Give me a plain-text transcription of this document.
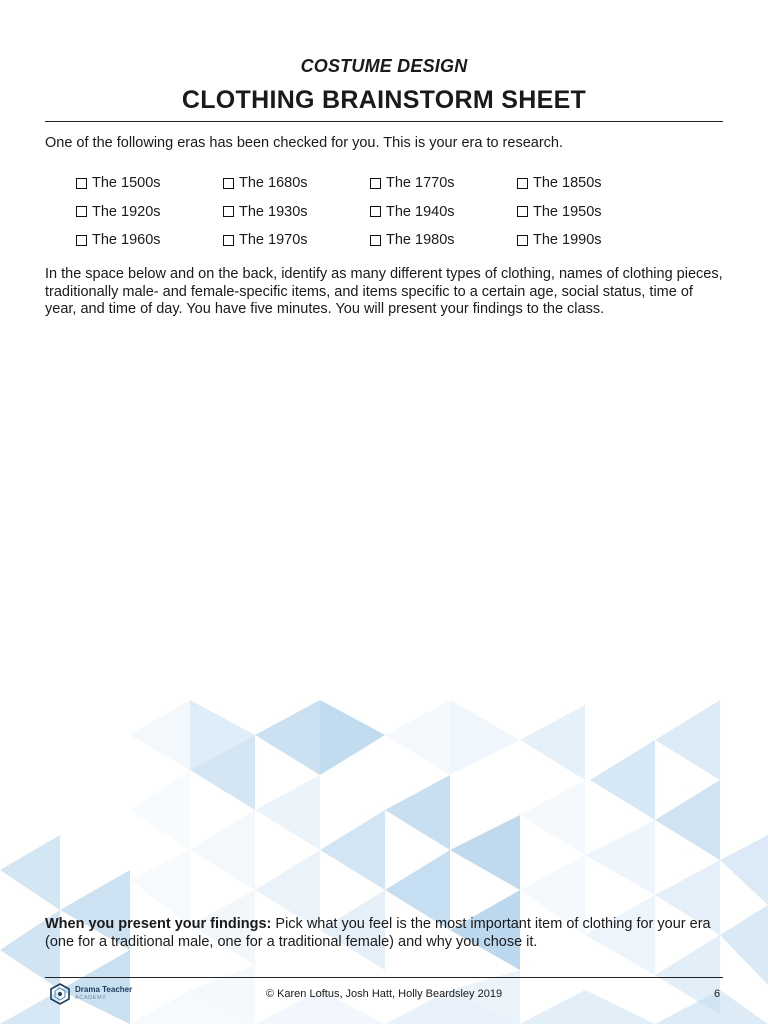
COSTUME DESIGN
CLOTHING BRAINSTORM SHEET
One of the following eras has been checked for you. This is your era to research.
The 1500s	The 1680s	The 1770s	The 1850s
The 1920s	The 1930s	The 1940s	The 1950s
The 1960s	The 1970s	The 1980s	The 1990s
In the space below and on the back, identify as many different types of clothing, names of clothing pieces, traditionally male- and female-specific items, and items specific to a certain age, social status, time of year, and time of day. You have five minutes. You will present your findings to the class.
When you present your findings: Pick what you feel is the most important item of clothing for your era (one for a traditional male, one for a traditional female) and why you chose it.
Drama Teacher
ACADEMY	© Karen Loftus, Josh Hatt, Holly Beardsley 2019	6
